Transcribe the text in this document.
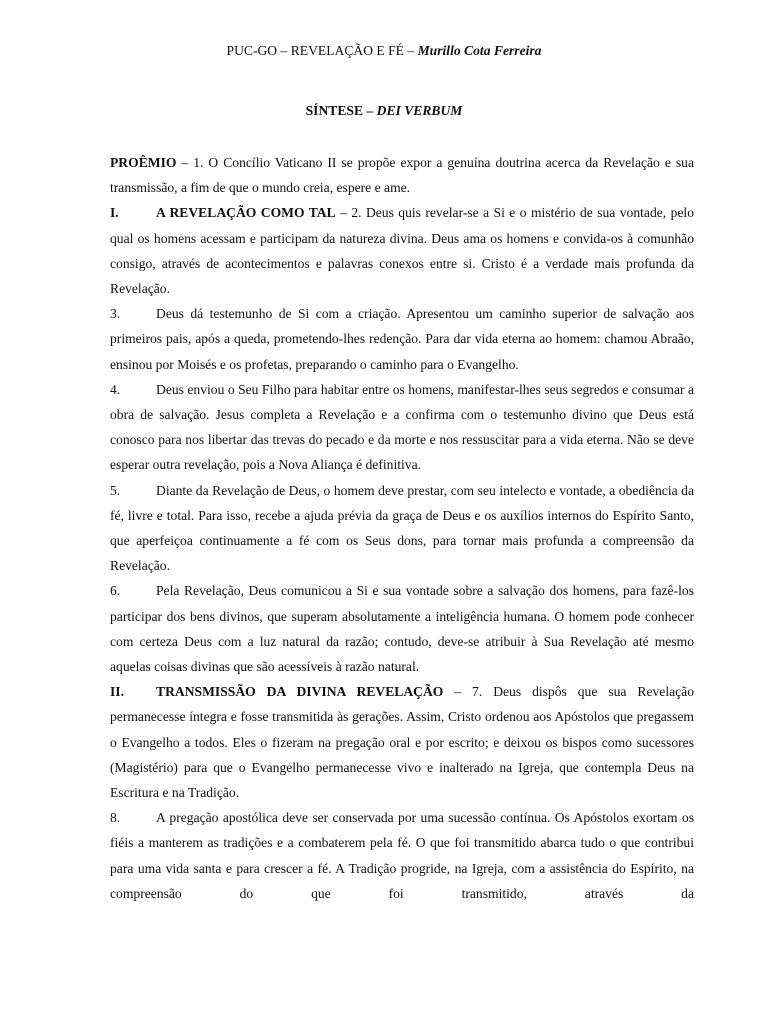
PUC-GO – REVELAÇÃO E FÉ – Murillo Cota Ferreira
SÍNTESE – DEI VERBUM

PROÊMIO – 1. O Concílio Vaticano II se propõe expor a genuína doutrina acerca da Revelação e sua transmissão, a fim de que o mundo creia, espere e ame.

I.	A REVELAÇÃO COMO TAL – 2. Deus quis revelar-se a Si e o mistério de sua vontade, pelo qual os homens acessam e participam da natureza divina. Deus ama os homens e convida-os à comunhão consigo, através de acontecimentos e palavras conexos entre si. Cristo é a verdade mais profunda da Revelação.

3.	Deus dá testemunho de Si com a criação. Apresentou um caminho superior de salvação aos primeiros pais, após a queda, prometendo-lhes redenção. Para dar vida eterna ao homem: chamou Abraão, ensinou por Moisés e os profetas, preparando o caminho para o Evangelho.

4.	Deus enviou o Seu Filho para habitar entre os homens, manifestar-lhes seus segredos e consumar a obra de salvação. Jesus completa a Revelação e a confirma com o testemunho divino que Deus está conosco para nos libertar das trevas do pecado e da morte e nos ressuscitar para a vida eterna. Não se deve esperar outra revelação, pois a Nova Aliança é definitiva.

5.	Diante da Revelação de Deus, o homem deve prestar, com seu intelecto e vontade, a obediência da fé, livre e total. Para isso, recebe a ajuda prévia da graça de Deus e os auxílios internos do Espírito Santo, que aperfeiçoa continuamente a fé com os Seus dons, para tornar mais profunda a compreensão da Revelação.

6.	Pela Revelação, Deus comunicou a Si e sua vontade sobre a salvação dos homens, para fazê-los participar dos bens divinos, que superam absolutamente a inteligência humana. O homem pode conhecer com certeza Deus com a luz natural da razão; contudo, deve-se atribuir à Sua Revelação até mesmo aquelas coisas divinas que são acessíveis à razão natural.

II. TRANSMISSÃO DA DIVINA REVELAÇÃO – 7. Deus dispôs que sua Revelação permanecesse íntegra e fosse transmitida às gerações. Assim, Cristo ordenou aos Apóstolos que pregassem o Evangelho a todos. Eles o fizeram na pregação oral e por escrito; e deixou os bispos como sucessores (Magistério) para que o Evangelho permanecesse vivo e inalterado na Igreja, que contempla Deus na Escritura e na Tradição.

8.	A pregação apostólica deve ser conservada por uma sucessão contínua. Os Apóstolos exortam os fiéis a manterem as tradições e a combaterem pela fé. O que foi transmitido abarca tudo o que contribui para uma vida santa e para crescer a fé. A Tradição progride, na Igreja, com a assistência do Espírito, na compreensão do que foi transmitido, através da
